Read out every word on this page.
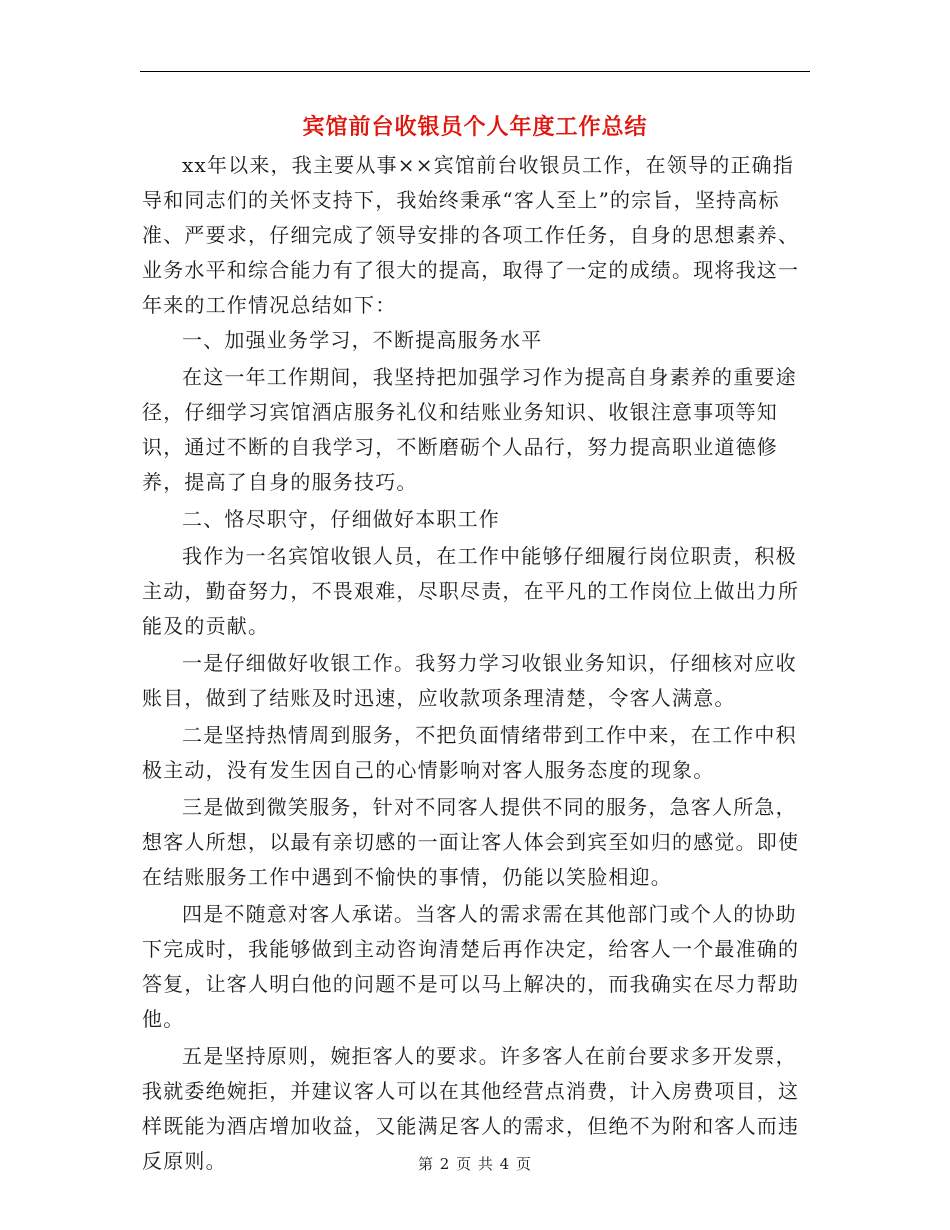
宾馆前台收银员个人年度工作总结

xx年以来，我主要从事××宾馆前台收银员工作，在领导的正确指导和同志们的关怀支持下，我始终秉承“客人至上”的宗旨，坚持高标准、严要求，仔细完成了领导安排的各项工作任务，自身的思想素养、业务水平和综合能力有了很大的提高，取得了一定的成绩。现将我这一年来的工作情况总结如下：

一、加强业务学习，不断提高服务水平

在这一年工作期间，我坚持把加强学习作为提高自身素养的重要途径，仔细学习宾馆酒店服务礼仪和结账业务知识、收银注意事项等知识，通过不断的自我学习，不断磨砺个人品行，努力提高职业道德修养，提高了自身的服务技巧。

二、恪尽职守，仔细做好本职工作

我作为一名宾馆收银人员，在工作中能够仔细履行岗位职责，积极主动，勤奋努力，不畏艰难，尽职尽责，在平凡的工作岗位上做出力所能及的贡献。

一是仔细做好收银工作。我努力学习收银业务知识，仔细核对应收账目，做到了结账及时迅速，应收款项条理清楚，令客人满意。

二是坚持热情周到服务，不把负面情绪带到工作中来，在工作中积极主动，没有发生因自己的心情影响对客人服务态度的现象。

三是做到微笑服务，针对不同客人提供不同的服务，急客人所急，想客人所想，以最有亲切感的一面让客人体会到宾至如归的感觉。即使在结账服务工作中遇到不愉快的事情，仍能以笑脸相迎。

四是不随意对客人承诺。当客人的需求需在其他部门或个人的协助下完成时，我能够做到主动咨询清楚后再作决定，给客人一个最准确的答复，让客人明白他的问题不是可以马上解决的，而我确实在尽力帮助他。

五是坚持原则，婉拒客人的要求。许多客人在前台要求多开发票，我就委绝婉拒，并建议客人可以在其他经营点消费，计入房费项目，这样既能为酒店增加收益，又能满足客人的需求，但绝不为附和客人而违反原则。	第 2 页 共 4 页
